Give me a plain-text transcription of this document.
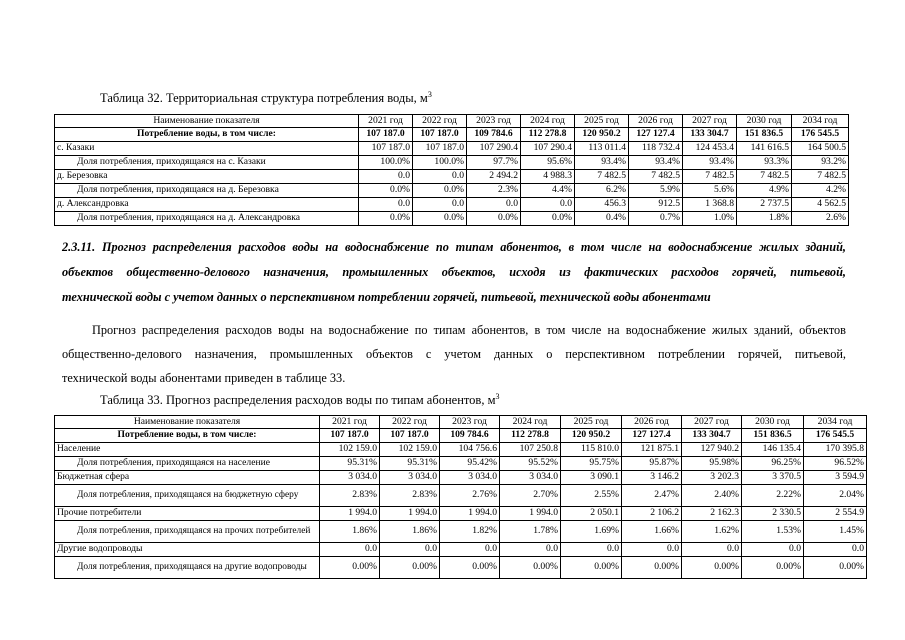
Таблица 32. Территориальная структура потребления воды, $м^3$
Наименование показателя	2021 год	2022 год	2023 год	2024 год	2025 год	2026 год	2027 год	2030 год	2034 год
Потребление воды, в том числе:	107 187.0	107 187.0	109 784.6	112 278.8	120 950.2	127 127.4	133 304.7	151 836.5	176 545.5
с. Казаки	107 187.0	107 187.0	107 290.4	107 290.4	113 011.4	118 732.4	124 453.4	141 616.5	164 500.5
Доля потребления, приходящаяся на с. Казаки	100.0%	100.0%	97.7%	95.6%	93.4%	93.4%	93.4%	93.3%	93.2%
д. Березовка	0.0	0.0	2 494.2	4 988.3	7 482.5	7 482.5	7 482.5	7 482.5	7 482.5
Доля потребления, приходящаяся на д. Березовка	0.0%	0.0%	2.3%	4.4%	6.2%	5.9%	5.6%	4.9%	4.2%
д. Александровка	0.0	0.0	0.0	0.0	456.3	912.5	1 368.8	2 737.5	4 562.5
Доля потребления, приходящаяся на д. Александровка	0.0%	0.0%	0.0%	0.0%	0.4%	0.7%	1.0%	1.8%	2.6%
2.3.11. Прогноз распределения расходов воды на водоснабжение по типам абонентов, в том числе на водоснабжение жилых зданий,
объектов общественно-делового назначения, промышленных объектов, исходя из фактических расходов горячей, питьевой,
технической воды с учетом данных о перспективном потреблении горячей, питьевой, технической воды абонентами
Прогноз распределения расходов воды на водоснабжение по типам абонентов, в том числе на водоснабжение жилых зданий, объектов
общественно-делового назначения, промышленных объектов с учетом данных о перспективном потреблении горячей, питьевой,
технической воды абонентами приведен в таблице 33.
Таблица 33. Прогноз распределения расходов воды по типам абонентов, $м^3$
Наименование показателя	2021 год	2022 год	2023 год	2024 год	2025 год	2026 год	2027 год	2030 год	2034 год
Потребление воды, в том числе:	107 187.0	107 187.0	109 784.6	112 278.8	120 950.2	127 127.4	133 304.7	151 836.5	176 545.5
Население	102 159.0	102 159.0	104 756.6	107 250.8	115 810.0	121 875.1	127 940.2	146 135.4	170 395.8
Доля потребления, приходящаяся на население	95.31%	95.31%	95.42%	95.52%	95.75%	95.87%	95.98%	96.25%	96.52%
Бюджетная сфера	3 034.0	3 034.0	3 034.0	3 034.0	3 090.1	3 146.2	3 202.3	3 370.5	3 594.9
Доля потребления, приходящаяся на бюджетную сферу	2.83%	2.83%	2.76%	2.70%	2.55%	2.47%	2.40%	2.22%	2.04%
Прочие потребители	1 994.0	1 994.0	1 994.0	1 994.0	2 050.1	2 106.2	2 162.3	2 330.5	2 554.9
Доля потребления, приходящаяся на прочих потребителей	1.86%	1.86%	1.82%	1.78%	1.69%	1.66%	1.62%	1.53%	1.45%
Другие водопроводы	0.0	0.0	0.0	0.0	0.0	0.0	0.0	0.0	0.0
Доля потребления, приходящаяся на другие водопроводы	0.00%	0.00%	0.00%	0.00%	0.00%	0.00%	0.00%	0.00%	0.00%
